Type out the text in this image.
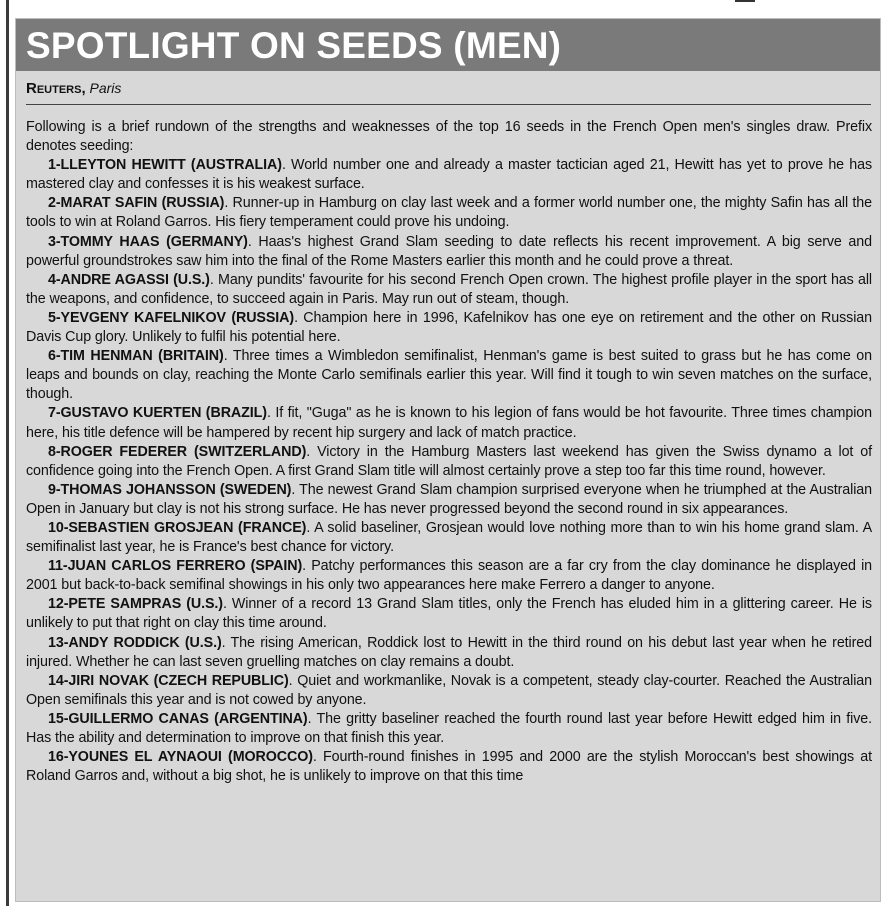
SPOTLIGHT ON SEEDS (MEN)
Reuters, Paris

Following is a brief rundown of the strengths and weaknesses of the top 16 seeds in the French Open men's singles draw. Prefix denotes seeding:

1-LLEYTON HEWITT (AUSTRALIA). World number one and already a master tactician aged 21, Hewitt has yet to prove he has mastered clay and confesses it is his weakest surface.

2-MARAT SAFIN (RUSSIA). Runner-up in Hamburg on clay last week and a former world number one, the mighty Safin has all the tools to win at Roland Garros. His fiery temperament could prove his undoing.

3-TOMMY HAAS (GERMANY). Haas's highest Grand Slam seeding to date reflects his recent improvement. A big serve and powerful groundstrokes saw him into the final of the Rome Masters earlier this month and he could prove a threat.

4-ANDRE AGASSI (U.S.). Many pundits' favourite for his second French Open crown. The highest profile player in the sport has all the weapons, and confidence, to succeed again in Paris. May run out of steam, though.

5-YEVGENY KAFELNIKOV (RUSSIA). Champion here in 1996, Kafelnikov has one eye on retirement and the other on Russian Davis Cup glory. Unlikely to fulfil his potential here.

6-TIM HENMAN (BRITAIN). Three times a Wimbledon semifinalist, Henman's game is best suited to grass but he has come on leaps and bounds on clay, reaching the Monte Carlo semifinals earlier this year. Will find it tough to win seven matches on the surface, though.

7-GUSTAVO KUERTEN (BRAZIL). If fit, "Guga" as he is known to his legion of fans would be hot favourite. Three times champion here, his title defence will be hampered by recent hip surgery and lack of match practice.

8-ROGER FEDERER (SWITZERLAND). Victory in the Hamburg Masters last weekend has given the Swiss dynamo a lot of confidence going into the French Open. A first Grand Slam title will almost certainly prove a step too far this time round, however.

9-THOMAS JOHANSSON (SWEDEN). The newest Grand Slam champion surprised everyone when he triumphed at the Australian Open in January but clay is not his strong surface. He has never progressed beyond the second round in six appearances.

10-SEBASTIEN GROSJEAN (FRANCE). A solid baseliner, Grosjean would love nothing more than to win his home grand slam. A semifinalist last year, he is France's best chance for victory.

11-JUAN CARLOS FERRERO (SPAIN). Patchy performances this season are a far cry from the clay dominance he displayed in 2001 but back-to-back semifinal showings in his only two appearances here make Ferrero a danger to anyone.

12-PETE SAMPRAS (U.S.). Winner of a record 13 Grand Slam titles, only the French has eluded him in a glittering career. He is unlikely to put that right on clay this time around.

13-ANDY RODDICK (U.S.). The rising American, Roddick lost to Hewitt in the third round on his debut last year when he retired injured. Whether he can last seven gruelling matches on clay remains a doubt.

14-JIRI NOVAK (CZECH REPUBLIC). Quiet and workmanlike, Novak is a competent, steady clay-courter. Reached the Australian Open semifinals this year and is not cowed by anyone.

15-GUILLERMO CANAS (ARGENTINA). The gritty baseliner reached the fourth round last year before Hewitt edged him in five. Has the ability and determination to improve on that finish this year.

16-YOUNES EL AYNAOUI (MOROCCO). Fourth-round finishes in 1995 and 2000 are the stylish Moroccan's best showings at Roland Garros and, without a big shot, he is unlikely to improve on that this time
